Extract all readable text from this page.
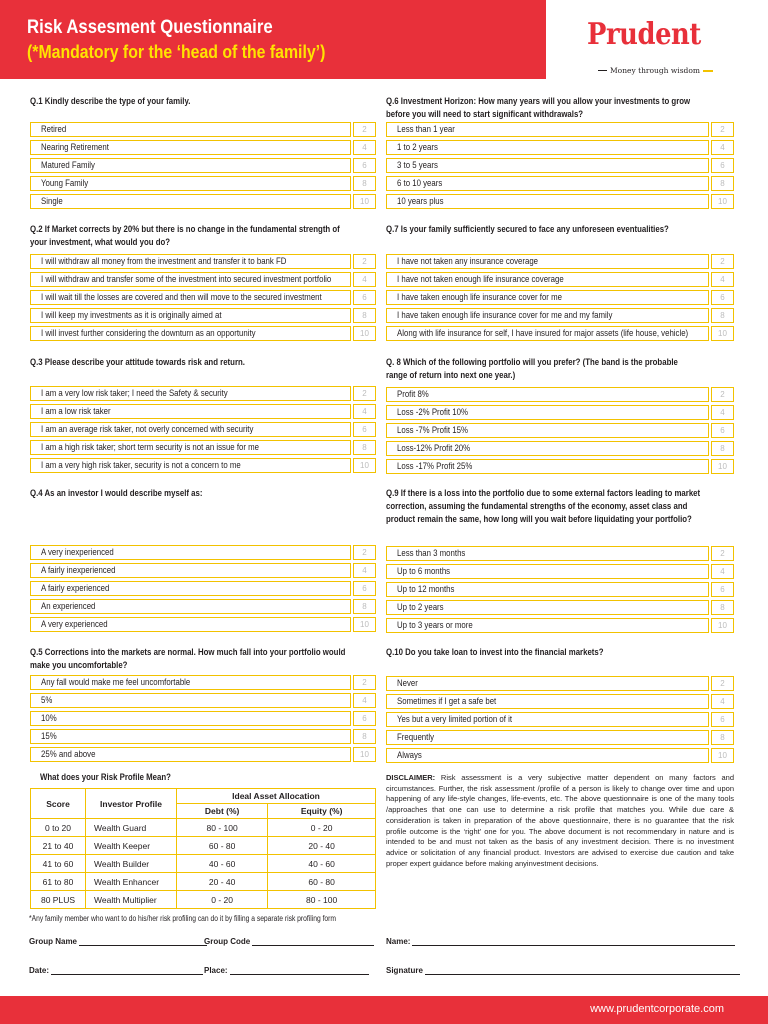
Risk Assesment Questionnaire
(*Mandatory for the ‘head of the family’)	Prudent
Money through wisdom
Q.1 Kindly describe the type of your family.
Retired	2
Nearing Retirement	4
Matured Family	6
Young Family	8
Single	10
Q.2 If Market corrects by 20% but there is no change in the fundamental strength of your investment, what would you do?
I will withdraw all money from the investment and transfer it to bank FD	2
I will withdraw and transfer some of the investment into secured investment portfolio	4
I will wait till the losses are covered and then will move to the secured investment	6
I will keep my investments as it is originally aimed at	8
I will invest further considering the downturn as an opportunity	10
Q.3 Please describe your attitude towards risk and return.
I am a very low risk taker; I need the Safety & security	2
I am a low risk taker	4
I am an average risk taker, not overly concerned with security	6
I am a high risk taker; short term security is not an issue for me	8
I am a very high risk taker, security is not a concern to me	10
Q.4 As an investor I would describe myself as:
A very inexperienced	2
A fairly inexperienced	4
A fairly experienced	6
An experienced	8
A very experienced	10
Q.5 Corrections into the markets are normal. How much fall into your portfolio would make you uncomfortable?
Any fall would make me feel uncomfortable	2
5%	4
10%	6
15%	8
25% and above	10
Q.6 Investment Horizon: How many years will you allow your investments to grow before you will need to start significant withdrawals?
Less than 1 year	2
1 to 2 years	4
3 to 5 years	6
6 to 10 years	8
10 years plus	10
Q.7 Is your family sufficiently secured to face any unforeseen eventualities?
I have not taken any insurance coverage	2
I have not taken enough life insurance coverage	4
I have taken enough life insurance cover for me	6
I have taken enough life insurance cover for me and my family	8
Along with life insurance for self, I have insured for major assets (life house, vehicle)	10
Q. 8 Which of the following portfolio will you prefer? (The band is the probable range of return into next one year.)
Profit 8%	2
Loss -2% Profit 10%	4
Loss -7% Profit 15%	6
Loss-12% Profit 20%	8
Loss -17% Profit 25%	10
Q.9 If there is a loss into the portfolio due to some external factors leading to market correction, assuming the fundamental strengths of the economy, asset class and product remain the same, how long will you wait before liquidating your portfolio?
Less than 3 months	2
Up to 6 months	4
Up to 12 months	6
Up to 2 years	8
Up to 3 years or more	10
Q.10 Do you take loan to invest into the financial markets?
Never	2
Sometimes if I get a safe bet	4
Yes but a very limited portion of it	6
Frequently	8
Always	10
What does your Risk Profile Mean?
Score	Investor Profile	Ideal Asset Allocation	
		Debt (%)	Equity (%)
0 to 20	Wealth Guard	80 - 100	0 - 20
21 to 40	Wealth Keeper	60 - 80	20 - 40
41 to 60	Wealth Builder	40 - 60	40 - 60
61 to 80	Wealth Enhancer	20 - 40	60 - 80
80 PLUS	Wealth Multiplier	0 - 20	80 - 100
*Any family member who want to do his/her risk profiling can do it by filling a separate risk profiling form
DISCLAIMER: Risk assessment is a very subjective matter dependent on many factors and circumstances. Further, the risk assessment /profile of a person is likely to change over time and upon happening of any life-style changes, life-events, etc. The above questionnaire is one of the many tools /approaches that one can use to determine a risk profile that matches you. While due care & consideration is taken in preparation of the above questionnaire, there is no guarantee that the risk profile outcome is the ‘right’ one for you. The above document is not recommendary in nature and is intended to be and must not taken as the basis of any investment decision. There is no investment advice or solicitation of any financial product. Investors are advised to exercise due caution and take proper expert guidance before making anyinvestment decisions.
Group Name	Group Code	Name:
Date:	Place:	Signature
www.prudentcorporate.com
